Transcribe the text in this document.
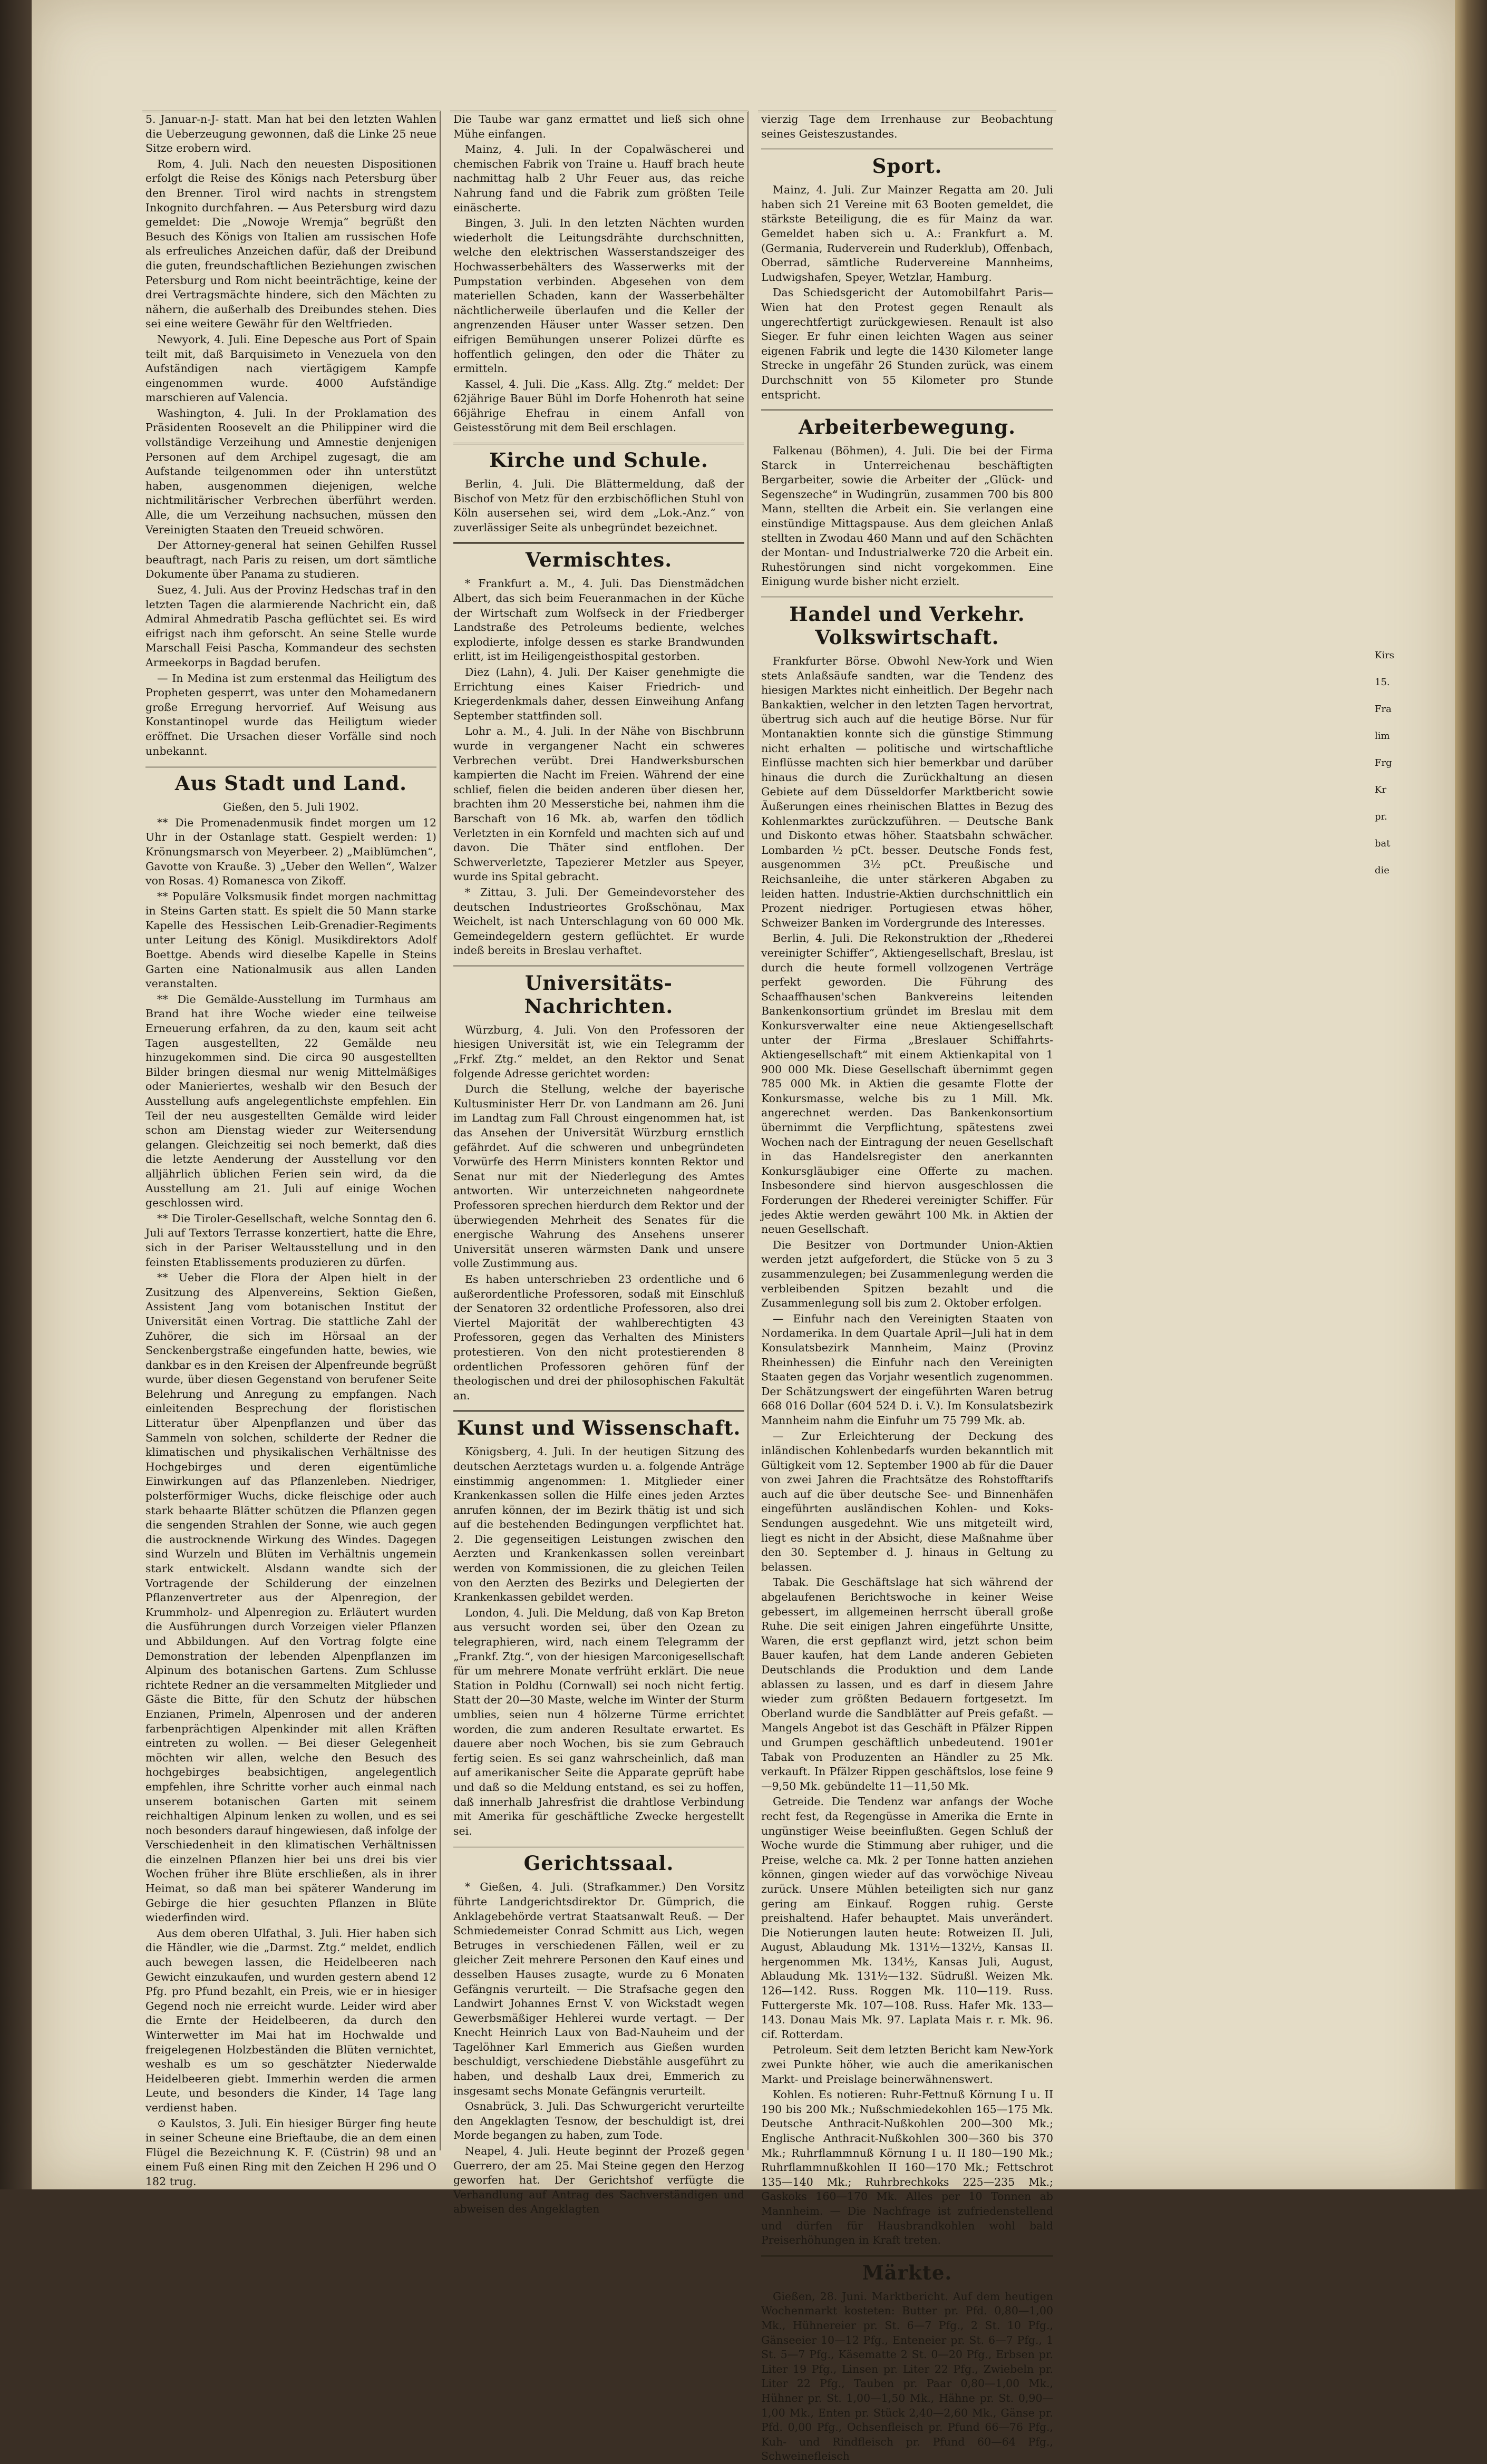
5. Januar-n-J- statt. Man hat bei den letzten Wahlen die Ueberzeugung gewonnen, daß die Linke 25 neue Sitze erobern wird.

Rom, 4. Juli. Nach den neuesten Dispositionen erfolgt die Reise des Königs nach Petersburg über den Brenner. Tirol wird nachts in strengstem Inkognito durchfahren. — Aus Petersburg wird dazu gemeldet: Die „Nowoje Wremja“ begrüßt den Besuch des Königs von Italien am russischen Hofe als erfreuliches Anzeichen dafür, daß der Dreibund die guten, freundschaftlichen Beziehungen zwischen Petersburg und Rom nicht beeinträchtige, keine der drei Vertragsmächte hindere, sich den Mächten zu nähern, die außerhalb des Dreibundes stehen. Dies sei eine weitere Gewähr für den Weltfrieden.

Newyork, 4. Juli. Eine Depesche aus Port of Spain teilt mit, daß Barquisimeto in Venezuela von den Aufständigen nach viertägigem Kampfe eingenommen wurde. 4000 Aufständige marschieren auf Valencia.

Washington, 4. Juli. In der Proklamation des Präsidenten Roosevelt an die Philippiner wird die vollständige Verzeihung und Amnestie denjenigen Personen auf dem Archipel zugesagt, die am Aufstande teilgenommen oder ihn unterstützt haben, ausgenommen diejenigen, welche nichtmilitärischer Verbrechen überführt werden. Alle, die um Verzeihung nachsuchen, müssen den Vereinigten Staaten den Treueid schwören.

Der Attorney-general hat seinen Gehilfen Russel beauftragt, nach Paris zu reisen, um dort sämtliche Dokumente über Panama zu studieren.

Suez, 4. Juli. Aus der Provinz Hedschas traf in den letzten Tagen die alarmierende Nachricht ein, daß Admiral Ahmedratib Pascha geflüchtet sei. Es wird eifrigst nach ihm geforscht. An seine Stelle wurde Marschall Feisi Pascha, Kommandeur des sechsten Armeekorps in Bagdad berufen.

— In Medina ist zum erstenmal das Heiligtum des Propheten gesperrt, was unter den Mohamedanern große Erregung hervorrief. Auf Weisung aus Konstantinopel wurde das Heiligtum wieder eröffnet. Die Ursachen dieser Vorfälle sind noch unbekannt.

Aus Stadt und Land.

Gießen, den 5. Juli 1902.

** Die Promenadenmusik findet morgen um 12 Uhr in der Ostanlage statt. Gespielt werden: 1) Krönungsmarsch von Meyerbeer. 2) „Maiblümchen“, Gavotte von Krauße. 3) „Ueber den Wellen“, Walzer von Rosas. 4) Romanesca von Zikoff.

** Populäre Volksmusik findet morgen nachmittag in Steins Garten statt. Es spielt die 50 Mann starke Kapelle des Hessischen Leib-Grenadier-Regiments unter Leitung des Königl. Musikdirektors Adolf Boettge. Abends wird dieselbe Kapelle in Steins Garten eine Nationalmusik aus allen Landen veranstalten.

** Die Gemälde-Ausstellung im Turmhaus am Brand hat ihre Woche wieder eine teilweise Erneuerung erfahren, da zu den, kaum seit acht Tagen ausgestellten, 22 Gemälde neu hinzugekommen sind. Die circa 90 ausgestellten Bilder bringen diesmal nur wenig Mittelmäßiges oder Manieriertes, weshalb wir den Besuch der Ausstellung aufs angelegentlichste empfehlen. Ein Teil der neu ausgestellten Gemälde wird leider schon am Dienstag wieder zur Weitersendung gelangen. Gleichzeitig sei noch bemerkt, daß dies die letzte Aenderung der Ausstellung vor den alljährlich üblichen Ferien sein wird, da die Ausstellung am 21. Juli auf einige Wochen geschlossen wird.

** Die Tiroler-Gesellschaft, welche Sonntag den 6. Juli auf Textors Terrasse konzertiert, hatte die Ehre, sich in der Pariser Weltausstellung und in den feinsten Etablissements produzieren zu dürfen.

** Ueber die Flora der Alpen hielt in der Zusitzung des Alpenvereins, Sektion Gießen, Assistent Jang vom botanischen Institut der Universität einen Vortrag. Die stattliche Zahl der Zuhörer, die sich im Hörsaal an der Senckenbergstraße eingefunden hatte, bewies, wie dankbar es in den Kreisen der Alpenfreunde begrüßt wurde, über diesen Gegenstand von berufener Seite Belehrung und Anregung zu empfangen. Nach einleitenden Besprechung der floristischen Litteratur über Alpenpflanzen und über das Sammeln von solchen, schilderte der Redner die klimatischen und physikalischen Verhältnisse des Hochgebirges und deren eigentümliche Einwirkungen auf das Pflanzenleben. Niedriger, polsterförmiger Wuchs, dicke fleischige oder auch stark behaarte Blätter schützen die Pflanzen gegen die sengenden Strahlen der Sonne, wie auch gegen die austrocknende Wirkung des Windes. Dagegen sind Wurzeln und Blüten im Verhältnis ungemein stark entwickelt. Alsdann wandte sich der Vortragende der Schilderung der einzelnen Pflanzenvertreter aus der Alpenregion, der Krummholz- und Alpenregion zu. Erläutert wurden die Ausführungen durch Vorzeigen vieler Pflanzen und Abbildungen. Auf den Vortrag folgte eine Demonstration der lebenden Alpenpflanzen im Alpinum des botanischen Gartens. Zum Schlusse richtete Redner an die versammelten Mitglieder und Gäste die Bitte, für den Schutz der hübschen Enzianen, Primeln, Alpenrosen und der anderen farbenprächtigen Alpenkinder mit allen Kräften eintreten zu wollen. — Bei dieser Gelegenheit möchten wir allen, welche den Besuch des hochgebirges beabsichtigen, angelegentlich empfehlen, ihre Schritte vorher auch einmal nach unserem botanischen Garten mit seinem reichhaltigen Alpinum lenken zu wollen, und es sei noch besonders darauf hingewiesen, daß infolge der Verschiedenheit in den klimatischen Verhältnissen die einzelnen Pflanzen hier bei uns drei bis vier Wochen früher ihre Blüte erschließen, als in ihrer Heimat, so daß man bei späterer Wanderung im Gebirge die hier gesuchten Pflanzen in Blüte wiederfinden wird.

Aus dem oberen Ulfathal, 3. Juli. Hier haben sich die Händler, wie die „Darmst. Ztg.“ meldet, endlich auch bewegen lassen, die Heidelbeeren nach Gewicht einzukaufen, und wurden gestern abend 12 Pfg. pro Pfund bezahlt, ein Preis, wie er in hiesiger Gegend noch nie erreicht wurde. Leider wird aber die Ernte der Heidelbeeren, da durch den Winterwetter im Mai hat im Hochwalde und freigelegenen Holzbeständen die Blüten vernichtet, weshalb es um so geschätzter Niederwalde Heidelbeeren giebt. Immerhin werden die armen Leute, und besonders die Kinder, 14 Tage lang verdienst haben.

⊙ Kaulstos, 3. Juli. Ein hiesiger Bürger fing heute in seiner Scheune eine Brieftaube, die an dem einen Flügel die Bezeichnung K. F. (Cüstrin) 98 und an einem Fuß einen Ring mit den Zeichen H 296 und O 182 trug.

Die Taube war ganz ermattet und ließ sich ohne Mühe einfangen.

Mainz, 4. Juli. In der Copalwäscherei und chemischen Fabrik von Traine u. Hauff brach heute nachmittag halb 2 Uhr Feuer aus, das reiche Nahrung fand und die Fabrik zum größten Teile einäscherte.

Bingen, 3. Juli. In den letzten Nächten wurden wiederholt die Leitungsdrähte durchschnitten, welche den elektrischen Wasserstandszeiger des Hochwasserbehälters des Wasserwerks mit der Pumpstation verbinden. Abgesehen von dem materiellen Schaden, kann der Wasserbehälter nächtlicherweile überlaufen und die Keller der angrenzenden Häuser unter Wasser setzen. Den eifrigen Bemühungen unserer Polizei dürfte es hoffentlich gelingen, den oder die Thäter zu ermitteln.

Kassel, 4. Juli. Die „Kass. Allg. Ztg.“ meldet: Der 62jährige Bauer Bühl im Dorfe Hohenroth hat seine 66jährige Ehefrau in einem Anfall von Geistesstörung mit dem Beil erschlagen.

Kirche und Schule.

Berlin, 4. Juli. Die Blättermeldung, daß der Bischof von Metz für den erzbischöflichen Stuhl von Köln ausersehen sei, wird dem „Lok.-Anz.“ von zuverlässiger Seite als unbegründet bezeichnet.

Vermischtes.

* Frankfurt a. M., 4. Juli. Das Dienstmädchen Albert, das sich beim Feueranmachen in der Küche der Wirtschaft zum Wolfseck in der Friedberger Landstraße des Petroleums bediente, welches explodierte, infolge dessen es starke Brandwunden erlitt, ist im Heiligengeisthospital gestorben.

Diez (Lahn), 4. Juli. Der Kaiser genehmigte die Errichtung eines Kaiser Friedrich- und Kriegerdenkmals daher, dessen Einweihung Anfang September stattfinden soll.

Lohr a. M., 4. Juli. In der Nähe von Bischbrunn wurde in vergangener Nacht ein schweres Verbrechen verübt. Drei Handwerksburschen kampierten die Nacht im Freien. Während der eine schlief, fielen die beiden anderen über diesen her, brachten ihm 20 Messerstiche bei, nahmen ihm die Barschaft von 16 Mk. ab, warfen den tödlich Verletzten in ein Kornfeld und machten sich auf und davon. Die Thäter sind entflohen. Der Schwerverletzte, Tapezierer Metzler aus Speyer, wurde ins Spital gebracht.

* Zittau, 3. Juli. Der Gemeindevorsteher des deutschen Industrieortes Großschönau, Max Weichelt, ist nach Unterschlagung von 60 000 Mk. Gemeindegeldern gestern geflüchtet. Er wurde indeß bereits in Breslau verhaftet.

Universitäts-Nachrichten.

Würzburg, 4. Juli. Von den Professoren der hiesigen Universität ist, wie ein Telegramm der „Frkf. Ztg.“ meldet, an den Rektor und Senat folgende Adresse gerichtet worden:

Durch die Stellung, welche der bayerische Kultusminister Herr Dr. von Landmann am 26. Juni im Landtag zum Fall Chroust eingenommen hat, ist das Ansehen der Universität Würzburg ernstlich gefährdet. Auf die schweren und unbegründeten Vorwürfe des Herrn Ministers konnten Rektor und Senat nur mit der Niederlegung des Amtes antworten. Wir unterzeichneten nahgeordnete Professoren sprechen hierdurch dem Rektor und der überwiegenden Mehrheit des Senates für die energische Wahrung des Ansehens unserer Universität unseren wärmsten Dank und unsere volle Zustimmung aus.

Es haben unterschrieben 23 ordentliche und 6 außerordentliche Professoren, sodaß mit Einschluß der Senatoren 32 ordentliche Professoren, also drei Viertel Majorität der wahlberechtigten 43 Professoren, gegen das Verhalten des Ministers protestieren. Von den nicht protestierenden 8 ordentlichen Professoren gehören fünf der theologischen und drei der philosophischen Fakultät an.

Kunst und Wissenschaft.

Königsberg, 4. Juli. In der heutigen Sitzung des deutschen Aerztetags wurden u. a. folgende Anträge einstimmig angenommen: 1. Mitglieder einer Krankenkassen sollen die Hilfe eines jeden Arztes anrufen können, der im Bezirk thätig ist und sich auf die bestehenden Bedingungen verpflichtet hat. 2. Die gegenseitigen Leistungen zwischen den Aerzten und Krankenkassen sollen vereinbart werden von Kommissionen, die zu gleichen Teilen von den Aerzten des Bezirks und Delegierten der Krankenkassen gebildet werden.

London, 4. Juli. Die Meldung, daß von Kap Breton aus versucht worden sei, über den Ozean zu telegraphieren, wird, nach einem Telegramm der „Frankf. Ztg.“, von der hiesigen Marconigesellschaft für um mehrere Monate verfrüht erklärt. Die neue Station in Poldhu (Cornwall) sei noch nicht fertig. Statt der 20—30 Maste, welche im Winter der Sturm umblies, seien nun 4 hölzerne Türme errichtet worden, die zum anderen Resultate erwartet. Es dauere aber noch Wochen, bis sie zum Gebrauch fertig seien. Es sei ganz wahrscheinlich, daß man auf amerikanischer Seite die Apparate geprüft habe und daß so die Meldung entstand, es sei zu hoffen, daß innerhalb Jahresfrist die drahtlose Verbindung mit Amerika für geschäftliche Zwecke hergestellt sei.

Gerichtssaal.

* Gießen, 4. Juli. (Strafkammer.) Den Vorsitz führte Landgerichtsdirektor Dr. Gümprich, die Anklagebehörde vertrat Staatsanwalt Reuß. — Der Schmiedemeister Conrad Schmitt aus Lich, wegen Betruges in verschiedenen Fällen, weil er zu gleicher Zeit mehrere Personen den Kauf eines und desselben Hauses zusagte, wurde zu 6 Monaten Gefängnis verurteilt. — Die Strafsache gegen den Landwirt Johannes Ernst V. von Wickstadt wegen Gewerbsmäßiger Hehlerei wurde vertagt. — Der Knecht Heinrich Laux von Bad-Nauheim und der Tagelöhner Karl Emmerich aus Gießen wurden beschuldigt, verschiedene Diebstähle ausgeführt zu haben, und deshalb Laux drei, Emmerich zu insgesamt sechs Monate Gefängnis verurteilt.

Osnabrück, 3. Juli. Das Schwurgericht verurteilte den Angeklagten Tesnow, der beschuldigt ist, drei Morde begangen zu haben, zum Tode.

Neapel, 4. Juli. Heute beginnt der Prozeß gegen Guerrero, der am 25. Mai Steine gegen den Herzog geworfen hat. Der Gerichtshof verfügte die Verhandlung auf Antrag des Sachverständigen und abweisen des Angeklagten

vierzig Tage dem Irrenhause zur Beobachtung seines Geisteszustandes.

Sport.

Mainz, 4. Juli. Zur Mainzer Regatta am 20. Juli haben sich 21 Vereine mit 63 Booten gemeldet, die stärkste Beteiligung, die es für Mainz da war. Gemeldet haben sich u. A.: Frankfurt a. M. (Germania, Ruderverein und Ruderklub), Offenbach, Oberrad, sämtliche Rudervereine Mannheims, Ludwigshafen, Speyer, Wetzlar, Hamburg.

Das Schiedsgericht der Automobilfahrt Paris—Wien hat den Protest gegen Renault als ungerechtfertigt zurückgewiesen. Renault ist also Sieger. Er fuhr einen leichten Wagen aus seiner eigenen Fabrik und legte die 1430 Kilometer lange Strecke in ungefähr 26 Stunden zurück, was einem Durchschnitt von 55 Kilometer pro Stunde entspricht.

Arbeiterbewegung.

Falkenau (Böhmen), 4. Juli. Die bei der Firma Starck in Unterreichenau beschäftigten Bergarbeiter, sowie die Arbeiter der „Glück- und Segenszeche“ in Wudingrün, zusammen 700 bis 800 Mann, stellten die Arbeit ein. Sie verlangen eine einstündige Mittagspause. Aus dem gleichen Anlaß stellten in Zwodau 460 Mann und auf den Schächten der Montan- und Industrialwerke 720 die Arbeit ein. Ruhestörungen sind nicht vorgekommen. Eine Einigung wurde bisher nicht erzielt.

Handel und Verkehr. Volkswirtschaft.

Frankfurter Börse. Obwohl New-York und Wien stets Anlaßsäufe sandten, war die Tendenz des hiesigen Marktes nicht einheitlich. Der Begehr nach Bankaktien, welcher in den letzten Tagen hervortrat, übertrug sich auch auf die heutige Börse. Nur für Montanaktien konnte sich die günstige Stimmung nicht erhalten — politische und wirtschaftliche Einflüsse machten sich hier bemerkbar und darüber hinaus die durch die Zurückhaltung an diesen Gebiete auf dem Düsseldorfer Marktbericht sowie Äußerungen eines rheinischen Blattes in Bezug des Kohlenmarktes zurückzuführen. — Deutsche Bank und Diskonto etwas höher. Staatsbahn schwächer. Lombarden ½ pCt. besser. Deutsche Fonds fest, ausgenommen 3½ pCt. Preußische und Reichsanleihe, die unter stärkeren Abgaben zu leiden hatten. Industrie-Aktien durchschnittlich ein Prozent niedriger. Portugiesen etwas höher, Schweizer Banken im Vordergrunde des Interesses.

Berlin, 4. Juli. Die Rekonstruktion der „Rhederei vereinigter Schiffer“, Aktiengesellschaft, Breslau, ist durch die heute formell vollzogenen Verträge perfekt geworden. Die Führung des Schaaffhausen'schen Bankvereins leitenden Bankenkonsortium gründet im Breslau mit dem Konkursverwalter eine neue Aktiengesellschaft unter der Firma „Breslauer Schiffahrts-Aktiengesellschaft“ mit einem Aktienkapital von 1 900 000 Mk. Diese Gesellschaft übernimmt gegen 785 000 Mk. in Aktien die gesamte Flotte der Konkursmasse, welche bis zu 1 Mill. Mk. angerechnet werden. Das Bankenkonsortium übernimmt die Verpflichtung, spätestens zwei Wochen nach der Eintragung der neuen Gesellschaft in das Handelsregister den anerkannten Konkursgläubiger eine Offerte zu machen. Insbesondere sind hiervon ausgeschlossen die Forderungen der Rhederei vereinigter Schiffer. Für jedes Aktie werden gewährt 100 Mk. in Aktien der neuen Gesellschaft.

Die Besitzer von Dortmunder Union-Aktien werden jetzt aufgefordert, die Stücke von 5 zu 3 zusammenzulegen; bei Zusammenlegung werden die verbleibenden Spitzen bezahlt und die Zusammenlegung soll bis zum 2. Oktober erfolgen.

— Einfuhr nach den Vereinigten Staaten von Nordamerika. In dem Quartale April—Juli hat in dem Konsulatsbezirk Mannheim, Mainz (Provinz Rheinhessen) die Einfuhr nach den Vereinigten Staaten gegen das Vorjahr wesentlich zugenommen. Der Schätzungswert der eingeführten Waren betrug 668 016 Dollar (604 524 D. i. V.). Im Konsulatsbezirk Mannheim nahm die Einfuhr um 75 799 Mk. ab.

— Zur Erleichterung der Deckung des inländischen Kohlenbedarfs wurden bekanntlich mit Gültigkeit vom 12. September 1900 ab für die Dauer von zwei Jahren die Frachtsätze des Rohstofftarifs auch auf die über deutsche See- und Binnenhäfen eingeführten ausländischen Kohlen- und Koks-Sendungen ausgedehnt. Wie uns mitgeteilt wird, liegt es nicht in der Absicht, diese Maßnahme über den 30. September d. J. hinaus in Geltung zu belassen.

Tabak. Die Geschäftslage hat sich während der abgelaufenen Berichtswoche in keiner Weise gebessert, im allgemeinen herrscht überall große Ruhe. Die seit einigen Jahren eingeführte Unsitte, Waren, die erst gepflanzt wird, jetzt schon beim Bauer kaufen, hat dem Lande anderen Gebieten Deutschlands die Produktion und dem Lande ablassen zu lassen, und es darf in diesem Jahre wieder zum größten Bedauern fortgesetzt. Im Oberland wurde die Sandblätter auf Preis gefaßt. — Mangels Angebot ist das Geschäft in Pfälzer Rippen und Grumpen geschäftlich unbedeutend. 1901er Tabak von Produzenten an Händler zu 25 Mk. verkauft. In Pfälzer Rippen geschäftslos, lose feine 9—9,50 Mk. gebündelte 11—11,50 Mk.

Getreide. Die Tendenz war anfangs der Woche recht fest, da Regengüsse in Amerika die Ernte in ungünstiger Weise beeinflußten. Gegen Schluß der Woche wurde die Stimmung aber ruhiger, und die Preise, welche ca. Mk. 2 per Tonne hatten anziehen können, gingen wieder auf das vorwöchige Niveau zurück. Unsere Mühlen beteiligten sich nur ganz gering am Einkauf. Roggen ruhig. Gerste preishaltend. Hafer behauptet. Mais unverändert. Die Notierungen lauten heute: Rotweizen II. Juli, August, Ablaudung Mk. 131½—132½, Kansas II. hergenommen Mk. 134½, Kansas Juli, August, Ablaudung Mk. 131½—132. Südrußl. Weizen Mk. 126—142. Russ. Roggen Mk. 110—119. Russ. Futtergerste Mk. 107—108. Russ. Hafer Mk. 133—143. Donau Mais Mk. 97. Laplata Mais r. r. Mk. 96. cif. Rotterdam.

Petroleum. Seit dem letzten Bericht kam New-York zwei Punkte höher, wie auch die amerikanischen Markt- und Preislage beinerwähnenswert.

Kohlen. Es notieren: Ruhr-Fettnuß Körnung I u. II 190 bis 200 Mk.; Nußschmiedekohlen 165—175 Mk. Deutsche Anthracit-Nußkohlen 200—300 Mk.; Englische Anthracit-Nußkohlen 300—360 bis 370 Mk.; Ruhrflammnuß Körnung I u. II 180—190 Mk.; Ruhrflammnußkohlen II 160—170 Mk.; Fettschrot 135—140 Mk.; Ruhrbrechkoks 225—235 Mk.; Gaskoks 160—170 Mk. Alles per 10 Tonnen ab Mannheim. — Die Nachfrage ist zufriedenstellend und dürfen für Hausbrandkohlen wohl bald Preiserhöhungen in Kraft treten.

Märkte.

Gießen, 28. Juni. Marktbericht. Auf dem heutigen Wochenmarkt kosteten: Butter pr. Pfd. 0,80—1,00 Mk., Hühnereier pr. St. 6—7 Pfg., 2 St. 10 Pfg., Gänseeier 10—12 Pfg., Enteneier pr. St. 6—7 Pfg., 1 St. 5—7 Pfg., Käsematte 2 St. 0—20 Pfg., Erbsen pr. Liter 19 Pfg., Linsen pr. Liter 22 Pfg., Zwiebeln pr. Liter 22 Pfg., Tauben pr. Paar 0,80—1,00 Mk., Hühner pr. St. 1,00—1,50 Mk., Hähne pr. St. 0,90—1,00 Mk., Enten pr. Stück 2,40—2,60 Mk., Gänse pr. Pfd. 0,00 Pfg., Ochsenfleisch pr. Pfund 66—76 Pfg., Kuh- und Rindfleisch pr. Pfund 60—64 Pfg., Schweinefleisch

Kirs
15.
Fra
lim
Frg
Kr
pr.
bat
die
